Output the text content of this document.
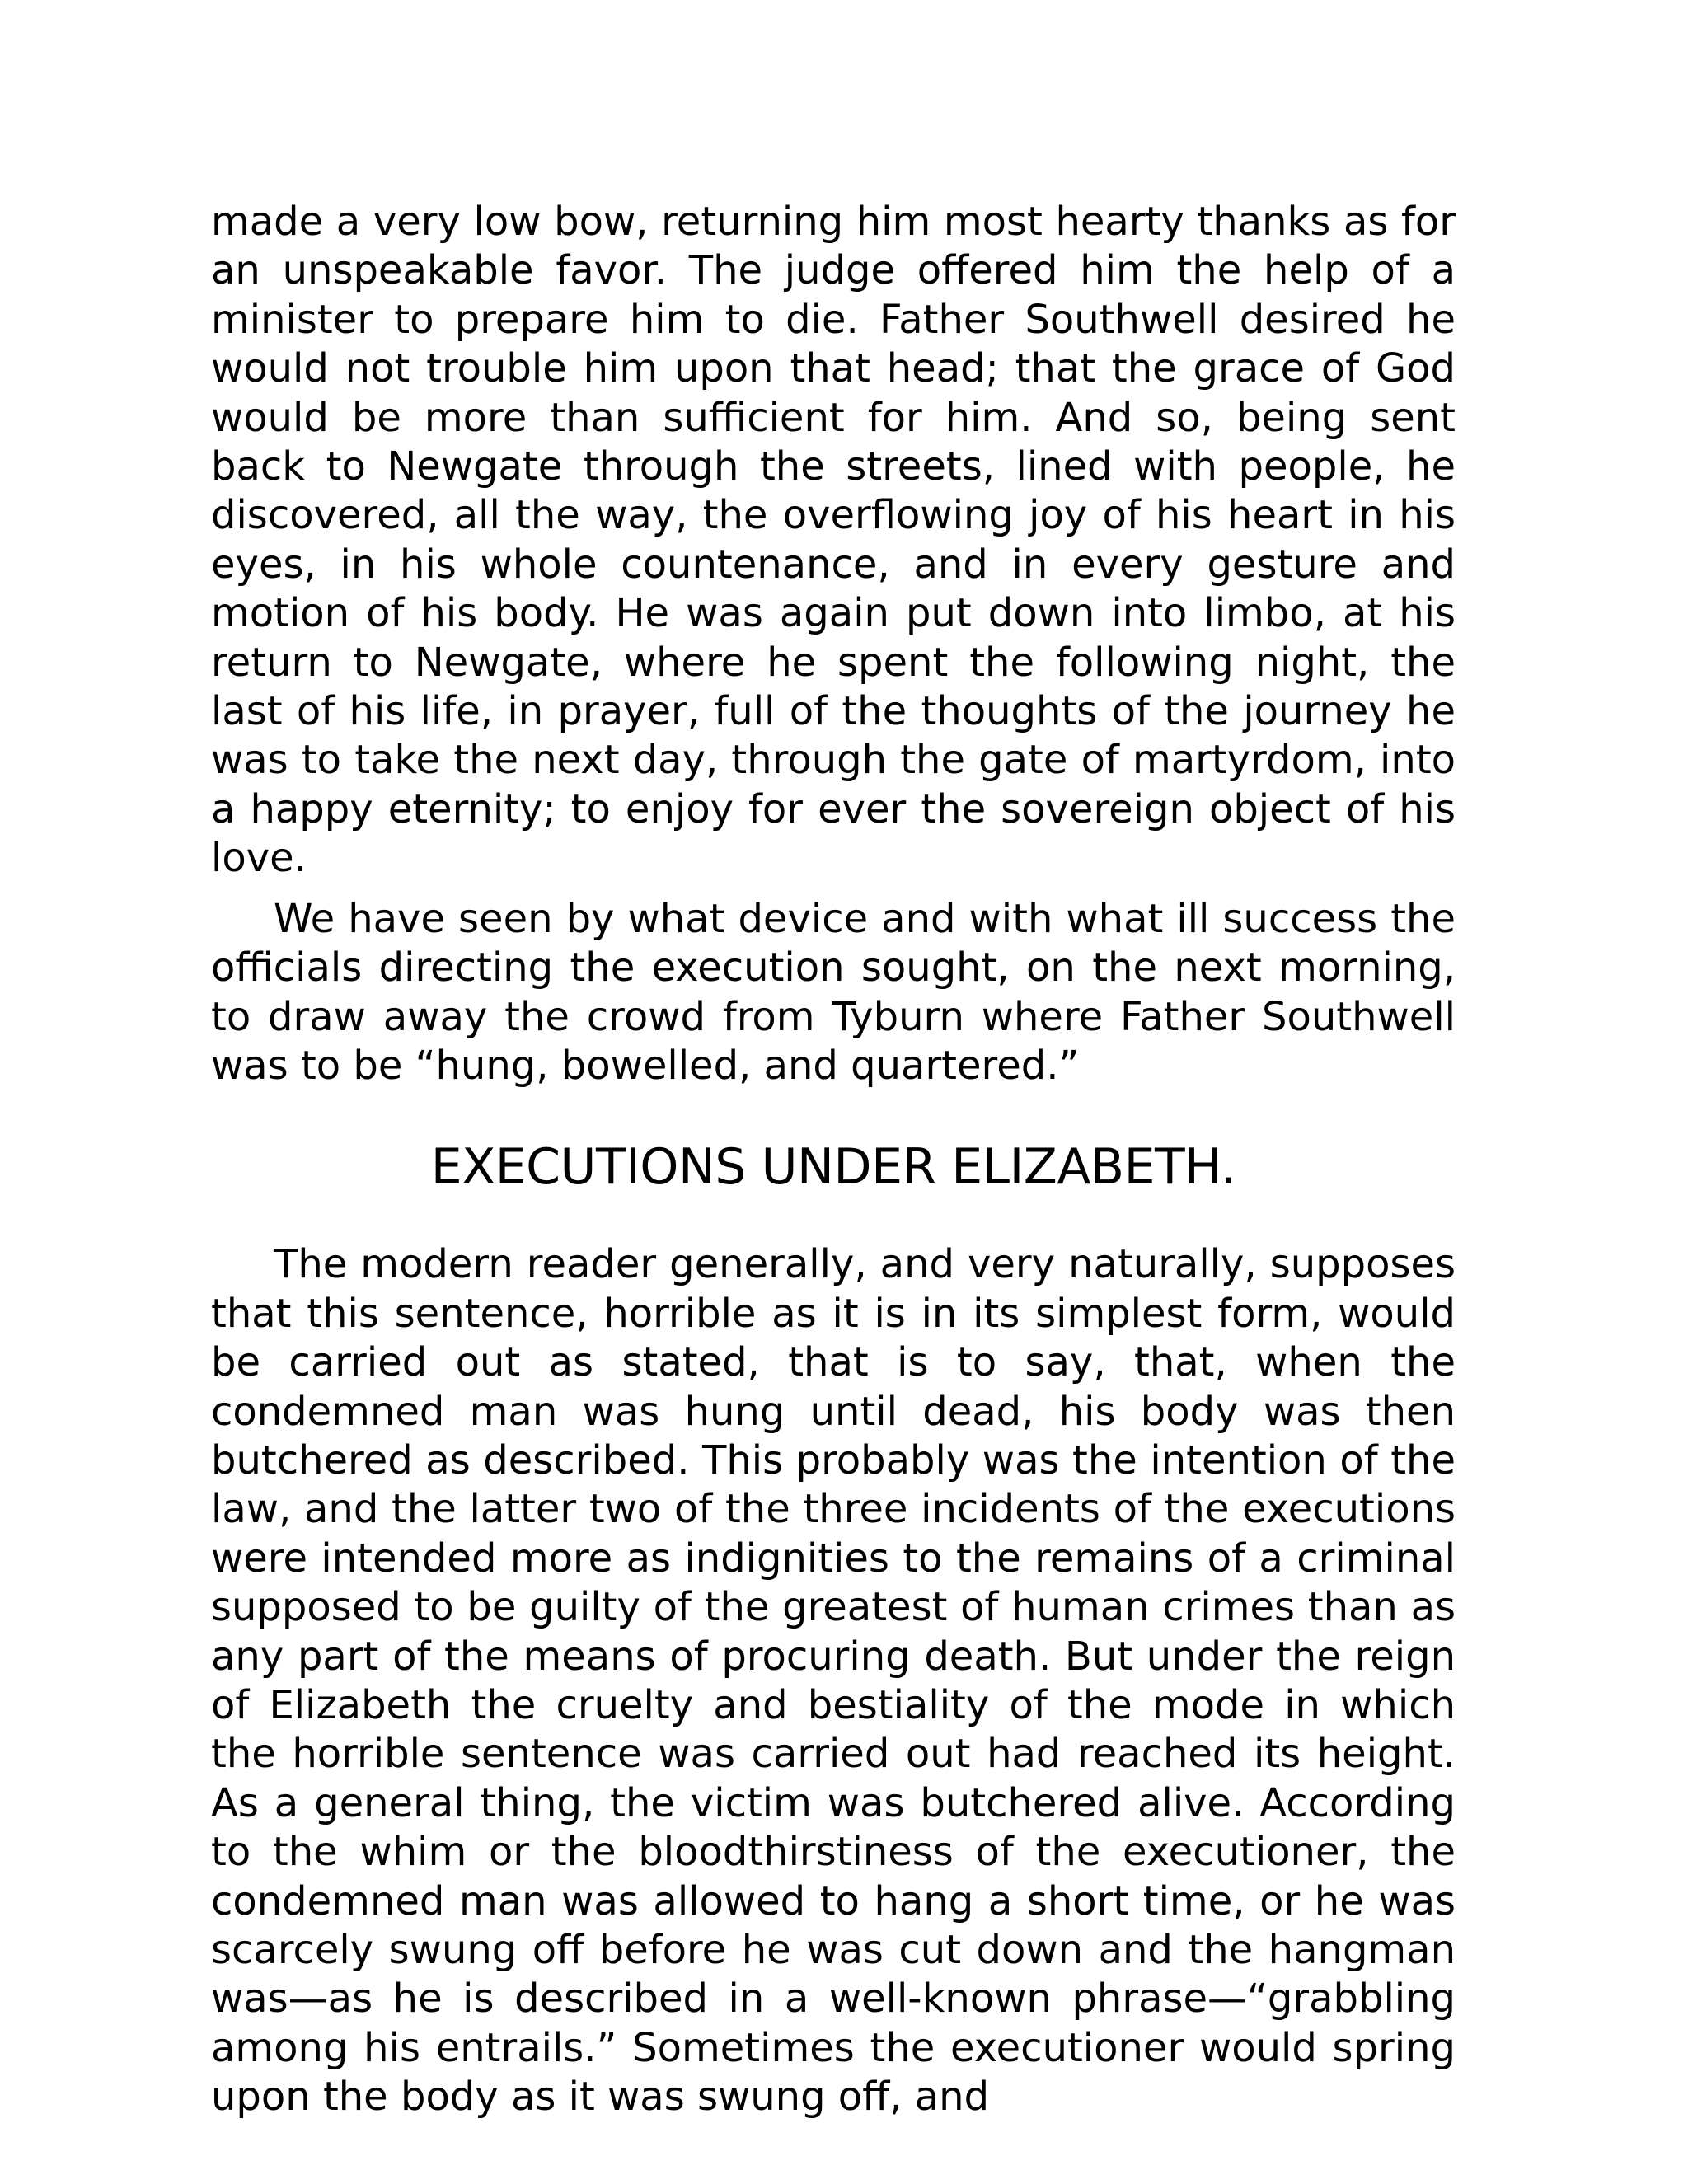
made a very low bow, returning him most hearty thanks as for an unspeakable favor. The judge offered him the help of a minister to prepare him to die. Father Southwell desired he would not trouble him upon that head; that the grace of God would be more than sufficient for him. And so, being sent back to Newgate through the streets, lined with people, he discovered, all the way, the overflowing joy of his heart in his eyes, in his whole countenance, and in every gesture and motion of his body. He was again put down into limbo, at his return to Newgate, where he spent the following night, the last of his life, in prayer, full of the thoughts of the journey he was to take the next day, through the gate of martyrdom, into a happy eternity; to enjoy for ever the sovereign object of his love.

We have seen by what device and with what ill success the officials directing the execution sought, on the next morning, to draw away the crowd from Tyburn where Father Southwell was to be “hung, bowelled, and quartered.”

EXECUTIONS UNDER ELIZABETH.

The modern reader generally, and very naturally, supposes that this sentence, horrible as it is in its simplest form, would be carried out as stated, that is to say, that, when the condemned man was hung until dead, his body was then butchered as described. This probably was the intention of the law, and the latter two of the three incidents of the executions were intended more as indignities to the remains of a criminal supposed to be guilty of the greatest of human crimes than as any part of the means of procuring death. But under the reign of Elizabeth the cruelty and bestiality of the mode in which the horrible sentence was carried out had reached its height. As a general thing, the victim was butchered alive. According to the whim or the bloodthirstiness of the executioner, the condemned man was allowed to hang a short time, or he was scarcely swung off before he was cut down and the hangman was—as he is described in a well-known phrase—“grabbling among his entrails.” Sometimes the executioner would spring upon the body as it was swung off, and
